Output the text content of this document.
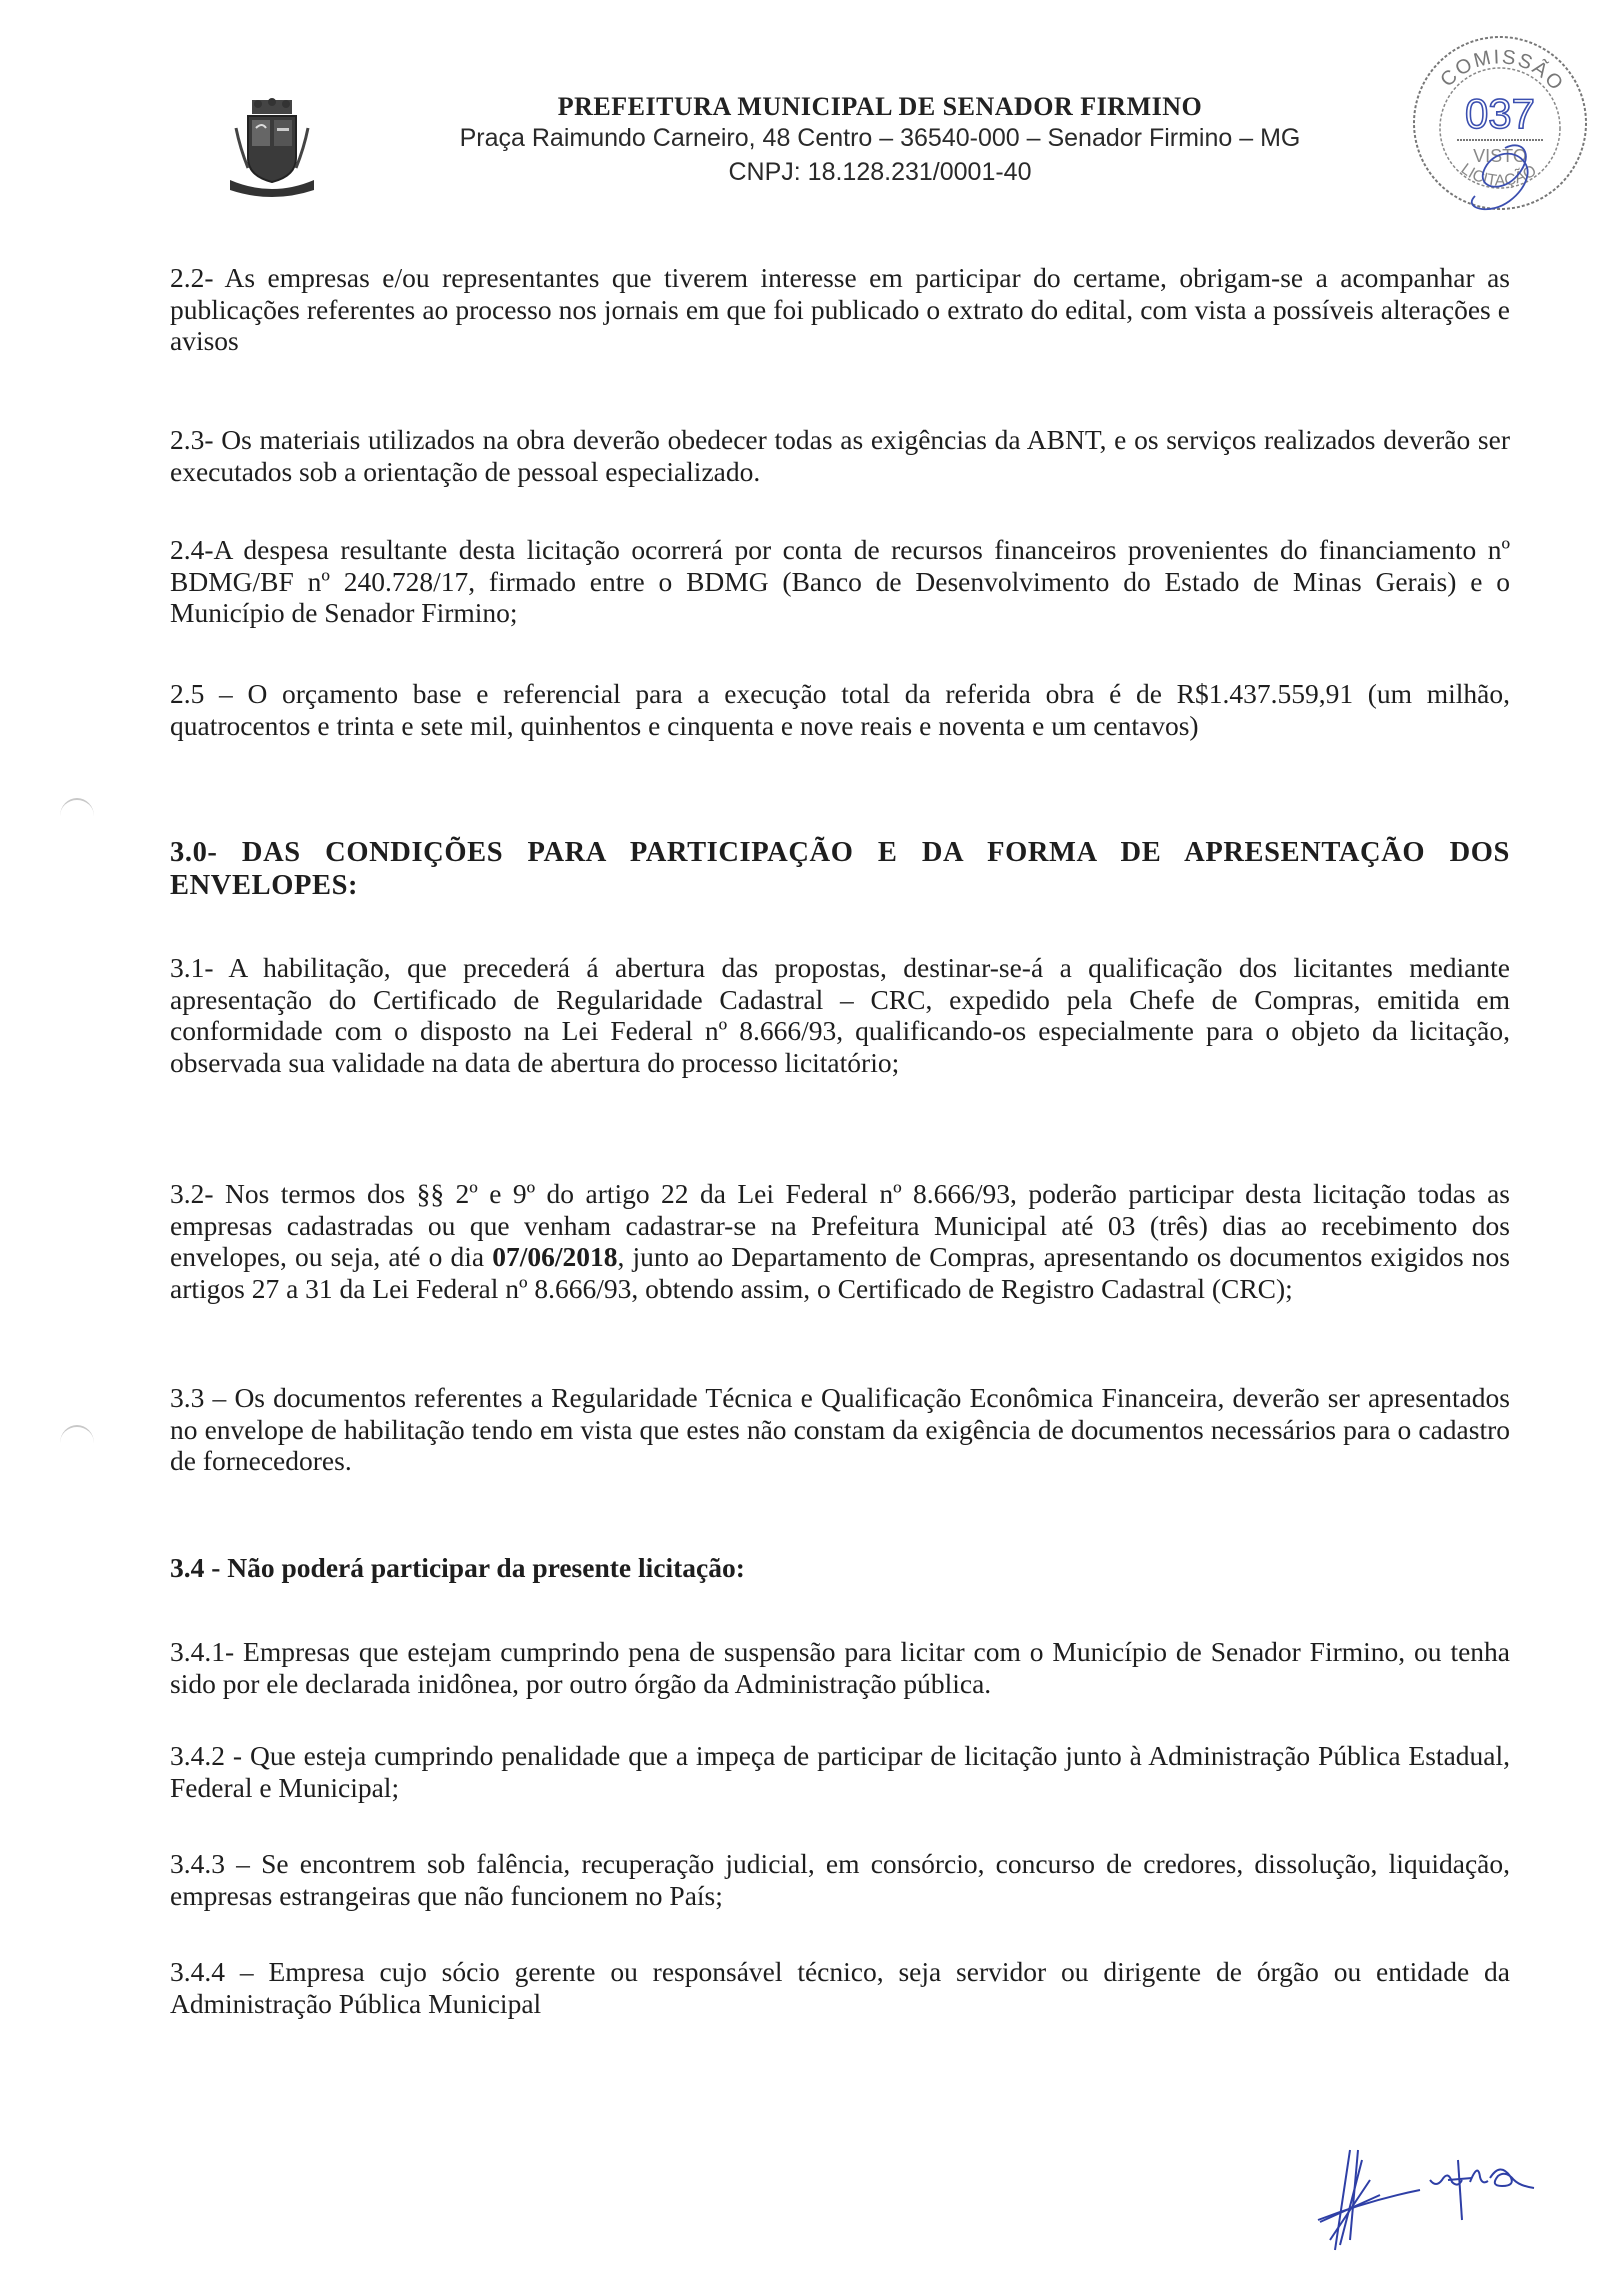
PREFEITURA MUNICIPAL DE SENADOR FIRMINO
Praça Raimundo Carneiro, 48 Centro – 36540-000 – Senador Firmino – MG
CNPJ: 18.128.231/0001-40
COMISSÃO
037
VISTO
LICITAÇÃO
2.2- As empresas e/ou representantes que tiverem interesse em participar do certame, obrigam-se a acompanhar as publicações referentes ao processo nos jornais em que foi publicado o extrato do edital, com vista a possíveis alterações e avisos
2.3- Os materiais utilizados na obra deverão obedecer todas as exigências da ABNT, e os serviços realizados deverão ser executados sob a orientação de pessoal especializado.
2.4-A despesa resultante desta licitação ocorrerá por conta de recursos financeiros provenientes do financiamento nº BDMG/BF nº 240.728/17, firmado entre o BDMG (Banco de Desenvolvimento do Estado de Minas Gerais) e o Município de Senador Firmino;
2.5 – O orçamento base e referencial para a execução total da referida obra é de R$1.437.559,91 (um milhão, quatrocentos e trinta e sete mil, quinhentos e cinquenta e nove reais e noventa e um centavos)
3.0- DAS CONDIÇÕES PARA PARTICIPAÇÃO E DA FORMA DE APRESENTAÇÃO DOS ENVELOPES:
3.1- A habilitação, que precederá á abertura das propostas, destinar-se-á a qualificação dos licitantes mediante apresentação do Certificado de Regularidade Cadastral – CRC, expedido pela Chefe de Compras, emitida em conformidade com o disposto na Lei Federal nº 8.666/93, qualificando-os especialmente para o objeto da licitação, observada sua validade na data de abertura do processo licitatório;
3.2- Nos termos dos §§ 2º e 9º do artigo 22 da Lei Federal nº 8.666/93, poderão participar desta licitação todas as empresas cadastradas ou que venham cadastrar-se na Prefeitura Municipal até 03 (três) dias ao recebimento dos envelopes, ou seja, até o dia 07/06/2018, junto ao Departamento de Compras, apresentando os documentos exigidos nos artigos 27 a 31 da Lei Federal nº 8.666/93, obtendo assim, o Certificado de Registro Cadastral (CRC);
3.3 – Os documentos referentes a Regularidade Técnica e Qualificação Econômica Financeira, deverão ser apresentados no envelope de habilitação tendo em vista que estes não constam da exigência de documentos necessários para o cadastro de fornecedores.
3.4 - Não poderá participar da presente licitação:
3.4.1- Empresas que estejam cumprindo pena de suspensão para licitar com o Município de Senador Firmino, ou tenha sido por ele declarada inidônea, por outro órgão da Administração pública.
3.4.2 - Que esteja cumprindo penalidade que a impeça de participar de licitação junto à Administração Pública Estadual, Federal e Municipal;
3.4.3 – Se encontrem sob falência, recuperação judicial, em consórcio, concurso de credores, dissolução, liquidação, empresas estrangeiras que não funcionem no País;
3.4.4 – Empresa cujo sócio gerente ou responsável técnico, seja servidor ou dirigente de órgão ou entidade da Administração Pública Municipal
